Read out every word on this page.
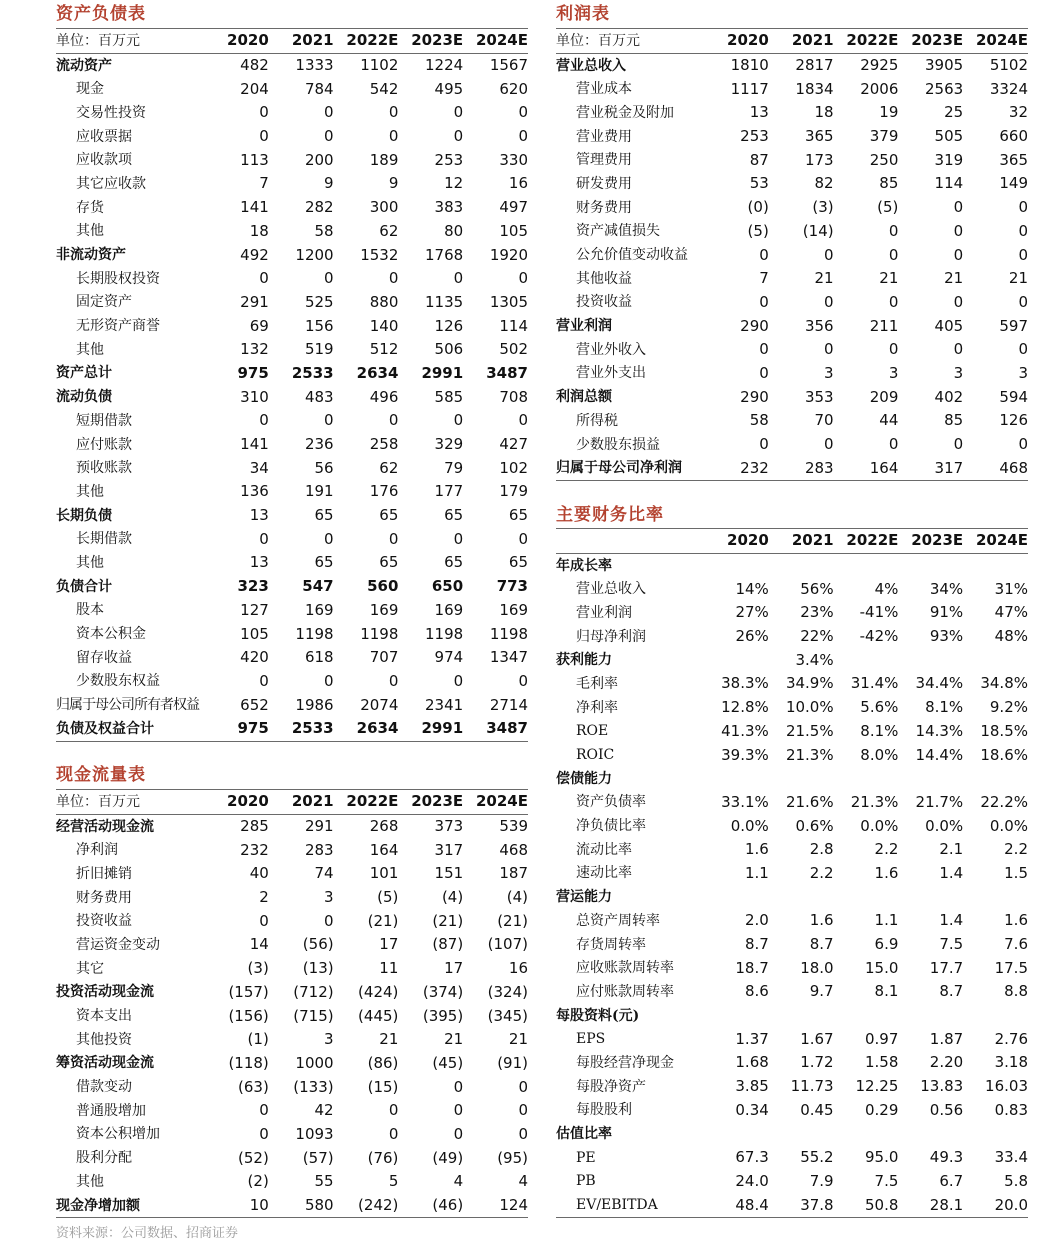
资产负债表
单位：百万元	2020	2021	2022E	2023E	2024E
流动资产	482	1333	1102	1224	1567
现金	204	784	542	495	620
交易性投资	0	0	0	0	0
应收票据	0	0	0	0	0
应收款项	113	200	189	253	330
其它应收款	7	9	9	12	16
存货	141	282	300	383	497
其他	18	58	62	80	105
非流动资产	492	1200	1532	1768	1920
长期股权投资	0	0	0	0	0
固定资产	291	525	880	1135	1305
无形资产商誉	69	156	140	126	114
其他	132	519	512	506	502
资产总计	975	2533	2634	2991	3487
流动负债	310	483	496	585	708
短期借款	0	0	0	0	0
应付账款	141	236	258	329	427
预收账款	34	56	62	79	102
其他	136	191	176	177	179
长期负债	13	65	65	65	65
长期借款	0	0	0	0	0
其他	13	65	65	65	65
负债合计	323	547	560	650	773
股本	127	169	169	169	169
资本公积金	105	1198	1198	1198	1198
留存收益	420	618	707	974	1347
少数股东权益	0	0	0	0	0
归属于母公司所有者权益	652	1986	2074	2341	2714
负债及权益合计	975	2533	2634	2991	3487
利润表
单位：百万元	2020	2021	2022E	2023E	2024E
营业总收入	1810	2817	2925	3905	5102
营业成本	1117	1834	2006	2563	3324
营业税金及附加	13	18	19	25	32
营业费用	253	365	379	505	660
管理费用	87	173	250	319	365
研发费用	53	82	85	114	149
财务费用	(0)	(3)	(5)	0	0
资产减值损失	(5)	(14)	0	0	0
公允价值变动收益	0	0	0	0	0
其他收益	7	21	21	21	21
投资收益	0	0	0	0	0
营业利润	290	356	211	405	597
营业外收入	0	0	0	0	0
营业外支出	0	3	3	3	3
利润总额	290	353	209	402	594
所得税	58	70	44	85	126
少数股东损益	0	0	0	0	0
归属于母公司净利润	232	283	164	317	468
主要财务比率
	2020	2021	2022E	2023E	2024E
年成长率					
营业总收入	14%	56%	4%	34%	31%
营业利润	27%	23%	-41%	91%	47%
归母净利润	26%	22%	-42%	93%	48%
获利能力		3.4%			
毛利率	38.3%	34.9%	31.4%	34.4%	34.8%
净利率	12.8%	10.0%	5.6%	8.1%	9.2%
ROE	41.3%	21.5%	8.1%	14.3%	18.5%
ROIC	39.3%	21.3%	8.0%	14.4%	18.6%
偿债能力					
资产负债率	33.1%	21.6%	21.3%	21.7%	22.2%
净负债比率	0.0%	0.6%	0.0%	0.0%	0.0%
流动比率	1.6	2.8	2.2	2.1	2.2
速动比率	1.1	2.2	1.6	1.4	1.5
营运能力					
总资产周转率	2.0	1.6	1.1	1.4	1.6
存货周转率	8.7	8.7	6.9	7.5	7.6
应收账款周转率	18.7	18.0	15.0	17.7	17.5
应付账款周转率	8.6	9.7	8.1	8.7	8.8
每股资料(元)					
EPS	1.37	1.67	0.97	1.87	2.76
每股经营净现金	1.68	1.72	1.58	2.20	3.18
每股净资产	3.85	11.73	12.25	13.83	16.03
每股股利	0.34	0.45	0.29	0.56	0.83
估值比率					
PE	67.3	55.2	95.0	49.3	33.4
PB	24.0	7.9	7.5	6.7	5.8
EV/EBITDA	48.4	37.8	50.8	28.1	20.0
现金流量表
单位：百万元	2020	2021	2022E	2023E	2024E
经营活动现金流	285	291	268	373	539
净利润	232	283	164	317	468
折旧摊销	40	74	101	151	187
财务费用	2	3	(5)	(4)	(4)
投资收益	0	0	(21)	(21)	(21)
营运资金变动	14	(56)	17	(87)	(107)
其它	(3)	(13)	11	17	16
投资活动现金流	(157)	(712)	(424)	(374)	(324)
资本支出	(156)	(715)	(445)	(395)	(345)
其他投资	(1)	3	21	21	21
筹资活动现金流	(118)	1000	(86)	(45)	(91)
借款变动	(63)	(133)	(15)	0	0
普通股增加	0	42	0	0	0
资本公积增加	0	1093	0	0	0
股利分配	(52)	(57)	(76)	(49)	(95)
其他	(2)	55	5	4	4
现金净增加额	10	580	(242)	(46)	124
资料来源：公司数据、招商证券
